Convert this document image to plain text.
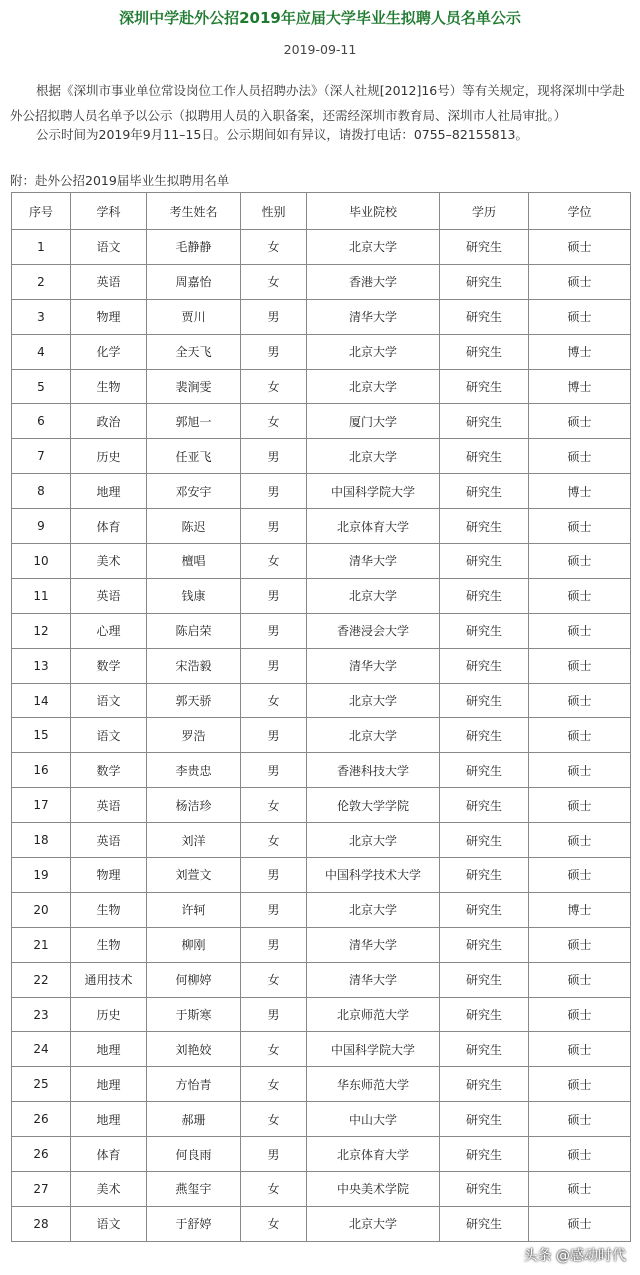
深圳中学赴外公招2019年应届大学毕业生拟聘人员名单公示
2019-09-11

根据《深圳市事业单位常设岗位工作人员招聘办法》（深人社规[2012]16号）等有关规定，现将深圳中学赴外公招拟聘人员名单予以公示（拟聘用人员的入职备案，还需经深圳市教育局、深圳市人社局审批。）

公示时间为2019年9月11–15日。公示期间如有异议，请拨打电话：0755–82155813。
附：赴外公招2019届毕业生拟聘用名单
序号	学科	考生姓名	性别	毕业院校	学历	学位
1	语文	毛静静	女	北京大学	研究生	硕士
2	英语	周嘉怡	女	香港大学	研究生	硕士
3	物理	贾川	男	清华大学	研究生	硕士
4	化学	全天飞	男	北京大学	研究生	博士
5	生物	裴涧雯	女	北京大学	研究生	博士
6	政治	郭旭一	女	厦门大学	研究生	硕士
7	历史	任亚飞	男	北京大学	研究生	硕士
8	地理	邓安宇	男	中国科学院大学	研究生	博士
9	体育	陈迟	男	北京体育大学	研究生	硕士
10	美术	檀唱	女	清华大学	研究生	硕士
11	英语	钱康	男	北京大学	研究生	硕士
12	心理	陈启荣	男	香港浸会大学	研究生	硕士
13	数学	宋浩毅	男	清华大学	研究生	硕士
14	语文	郭天骄	女	北京大学	研究生	硕士
15	语文	罗浩	男	北京大学	研究生	硕士
16	数学	李贵忠	男	香港科技大学	研究生	硕士
17	英语	杨洁珍	女	伦敦大学学院	研究生	硕士
18	英语	刘洋	女	北京大学	研究生	硕士
19	物理	刘萱文	男	中国科学技术大学	研究生	硕士
20	生物	许轲	男	北京大学	研究生	博士
21	生物	柳刚	男	清华大学	研究生	硕士
22	通用技术	何柳婷	女	清华大学	研究生	硕士
23	历史	于斯寒	男	北京师范大学	研究生	硕士
24	地理	刘艳姣	女	中国科学院大学	研究生	硕士
25	地理	方怡青	女	华东师范大学	研究生	硕士
26	地理	郝珊	女	中山大学	研究生	硕士
26	体育	何良雨	男	北京体育大学	研究生	硕士
27	美术	燕玺宇	女	中央美术学院	研究生	硕士
28	语文	于舒婷	女	北京大学	研究生	硕士
头条 @感动时代
